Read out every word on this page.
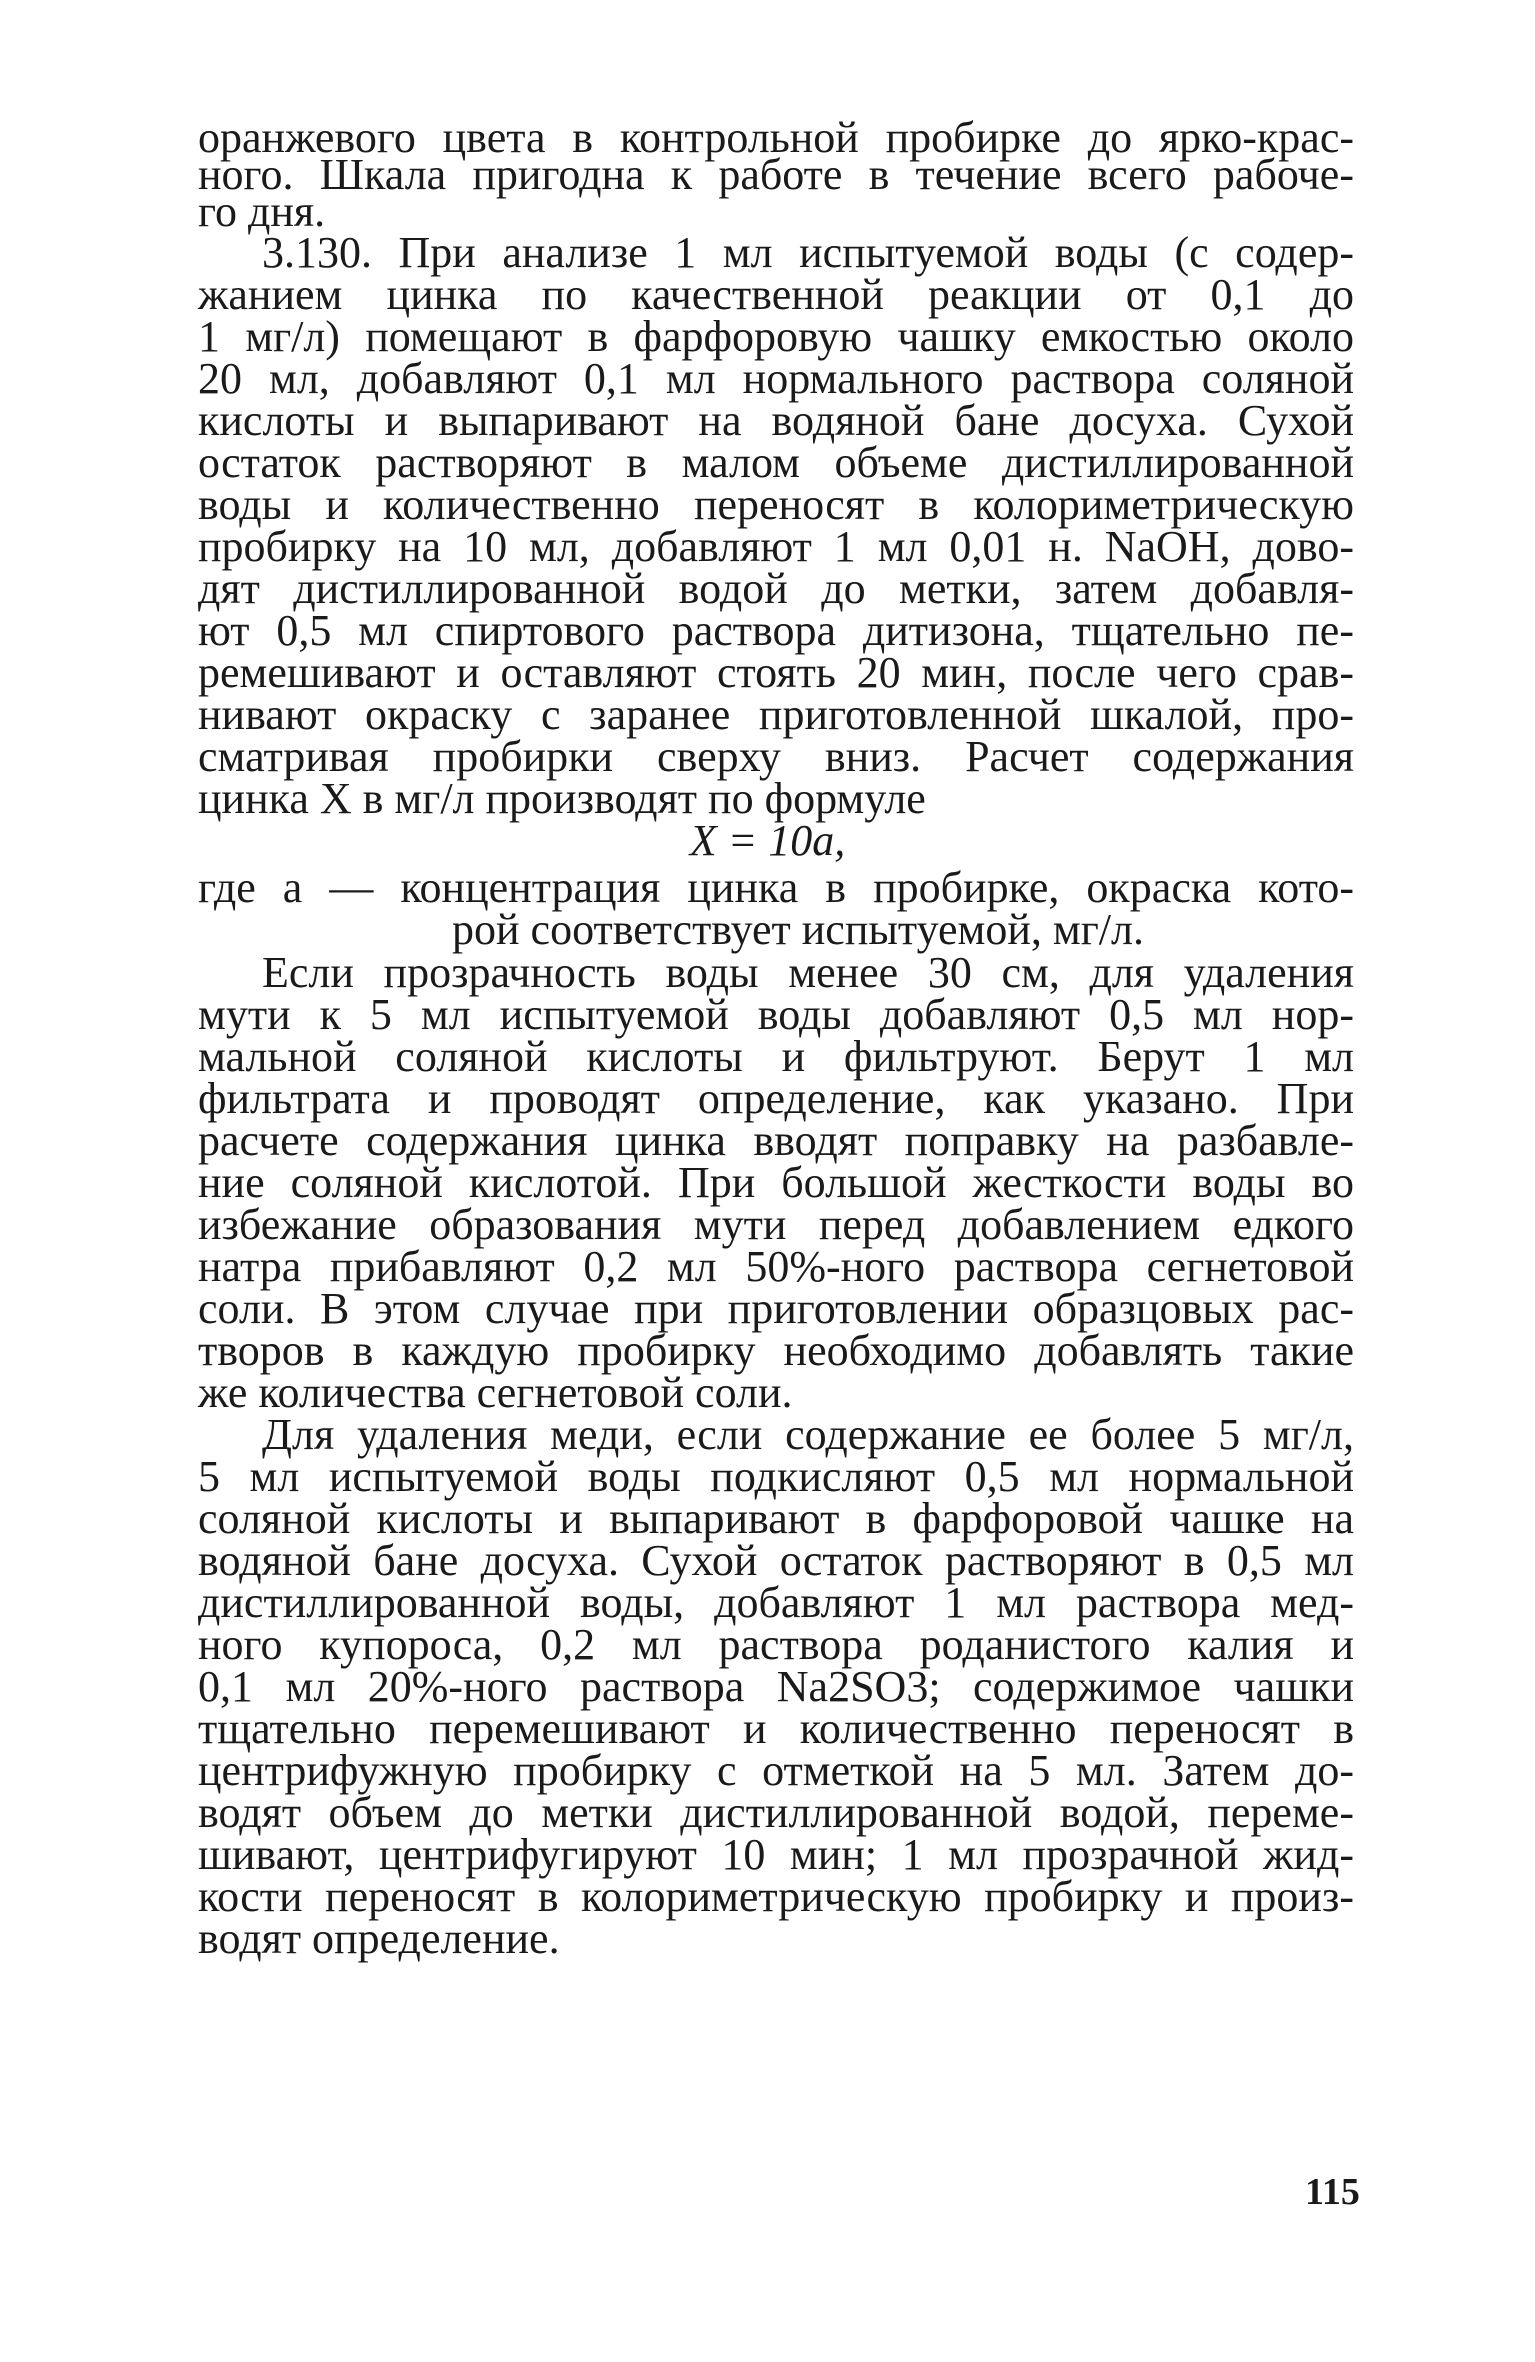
оранжевого цвета в контрольной пробирке до ярко-крас-
ного. Шкала пригодна к работе в течение всего рабоче-
го дня.
3.130. При анализе 1 мл испытуемой воды (с содер-
жанием цинка по качественной реакции от 0,1 до
1 мг/л) помещают в фарфоровую чашку емкостью около
20 мл, добавляют 0,1 мл нормального раствора соляной
кислоты и выпаривают на водяной бане досуха. Сухой
остаток растворяют в малом объеме дистиллированной
воды и количественно переносят в колориметрическую
пробирку на 10 мл, добавляют 1 мл 0,01 н. NaOH, дово-
дят дистиллированной водой до метки, затем добавля-
ют 0,5 мл спиртового раствора дитизона, тщательно пе-
ремешивают и оставляют стоять 20 мин, после чего срав-
нивают окраску с заранее приготовленной шкалой, про-
сматривая пробирки сверху вниз. Расчет содержания
цинка X в мг/л производят по формуле
X = 10a,
где a — концентрация цинка в пробирке, окраска кото-
рой соответствует испытуемой, мг/л.
Если прозрачность воды менее 30 см, для удаления
мути к 5 мл испытуемой воды добавляют 0,5 мл нор-
мальной соляной кислоты и фильтруют. Берут 1 мл
фильтрата и проводят определение, как указано. При
расчете содержания цинка вводят поправку на разбавле-
ние соляной кислотой. При большой жесткости воды во
избежание образования мути перед добавлением едкого
натра прибавляют 0,2 мл 50%-ного раствора сегнетовой
соли. В этом случае при приготовлении образцовых рас-
творов в каждую пробирку необходимо добавлять такие
же количества сегнетовой соли.
Для удаления меди, если содержание ее более 5 мг/л,
5 мл испытуемой воды подкисляют 0,5 мл нормальной
соляной кислоты и выпаривают в фарфоровой чашке на
водяной бане досуха. Сухой остаток растворяют в 0,5 мл
дистиллированной воды, добавляют 1 мл раствора мед-
ного купороса, 0,2 мл раствора роданистого калия и
0,1 мл 20%-ного раствора Na2SO3; содержимое чашки
тщательно перемешивают и количественно переносят в
центрифужную пробирку с отметкой на 5 мл. Затем до-
водят объем до метки дистиллированной водой, переме-
шивают, центрифугируют 10 мин; 1 мл прозрачной жид-
кости переносят в колориметрическую пробирку и произ-
водят определение.
115
